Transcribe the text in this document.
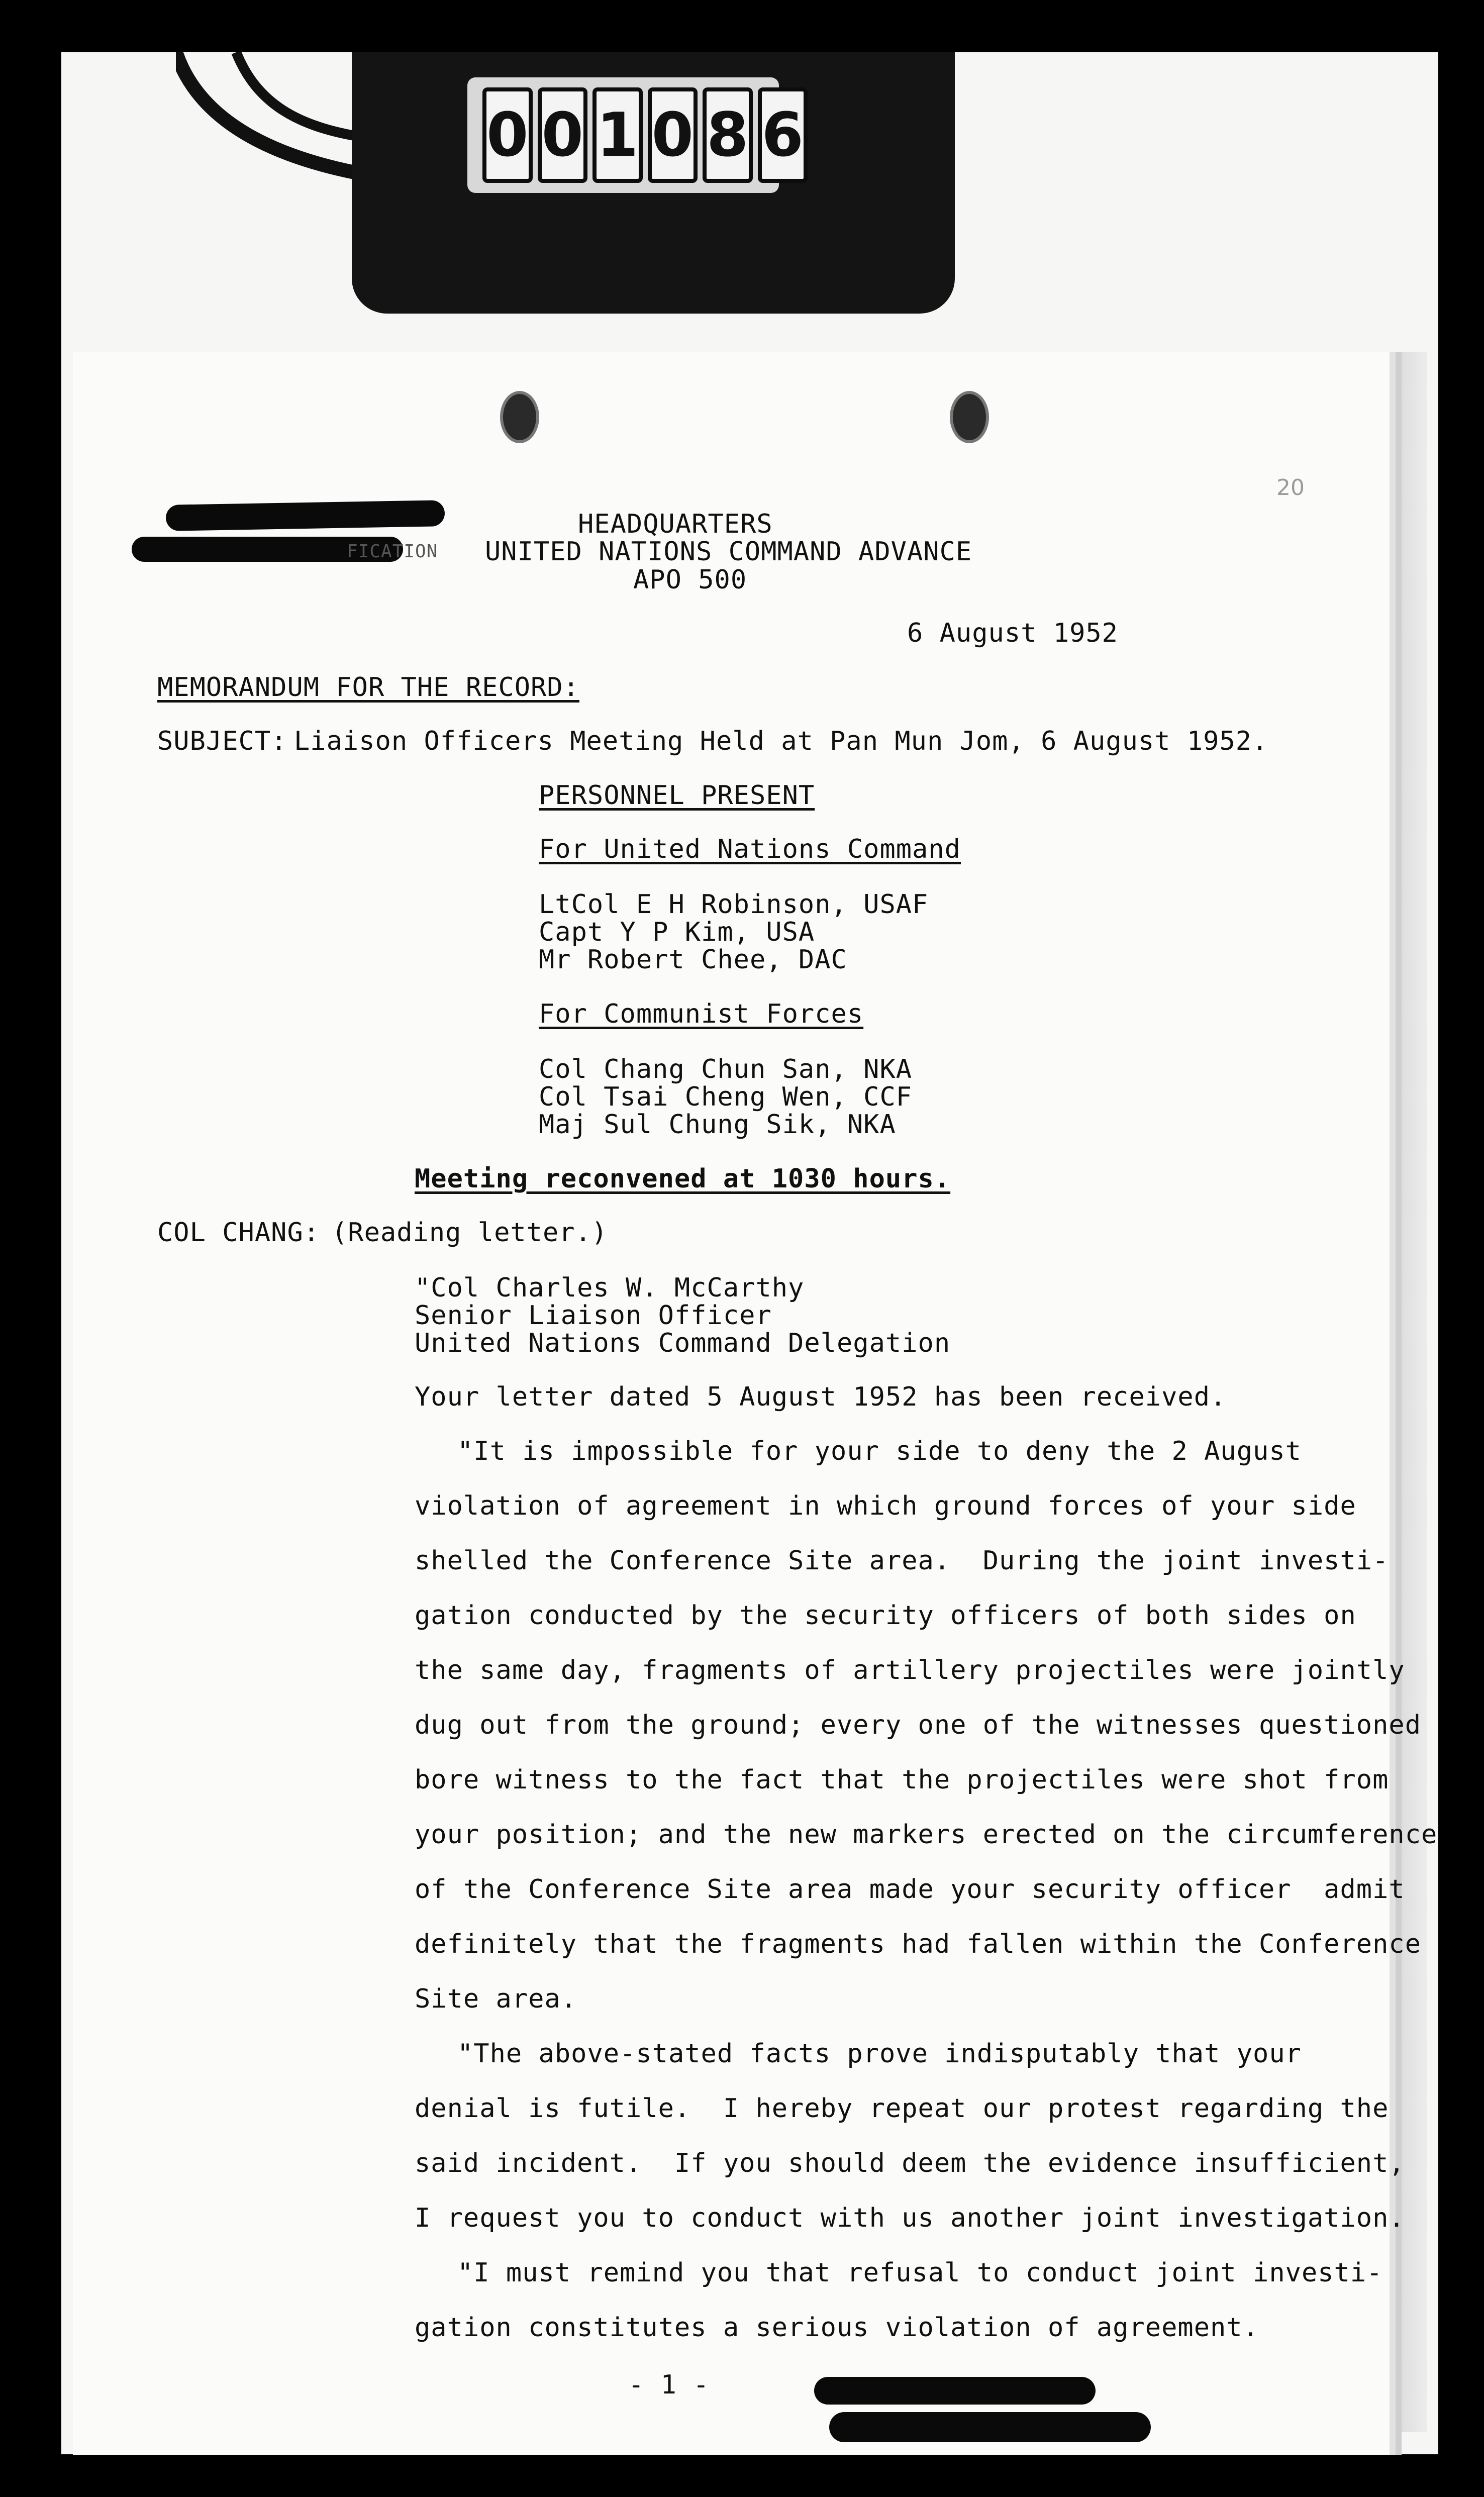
0 0 1 0 8 6
FICATION
20
HEADQUARTERS
UNITED NATIONS COMMAND ADVANCE
APO 500
6 August 1952
MEMORANDUM FOR THE RECORD:
SUBJECT: Liaison Officers Meeting Held at Pan Mun Jom, 6 August 1952.
PERSONNEL PRESENT
For United Nations Command
LtCol E H Robinson, USAF
Capt Y P Kim, USA
Mr Robert Chee, DAC
For Communist Forces
Col Chang Chun San, NKA
Col Tsai Cheng Wen, CCF
Maj Sul Chung Sik, NKA
Meeting reconvened at 1030 hours.
COL CHANG: (Reading letter.)
"Col Charles W. McCarthy
Senior Liaison Officer
United Nations Command Delegation
Your letter dated 5 August 1952 has been received.
"It is impossible for your side to deny the 2 August
violation of agreement in which ground forces of your side
shelled the Conference Site area.  During the joint investi-
gation conducted by the security officers of both sides on
the same day, fragments of artillery projectiles were jointly
dug out from the ground; every one of the witnesses questioned
bore witness to the fact that the projectiles were shot from
your position; and the new markers erected on the circumference
of the Conference Site area made your security officer  admit
definitely that the fragments had fallen within the Conference
Site area.
"The above-stated facts prove indisputably that your
denial is futile.  I hereby repeat our protest regarding the
said incident.  If you should deem the evidence insufficient,
I request you to conduct with us another joint investigation.
"I must remind you that refusal to conduct joint investi-
gation constitutes a serious violation of agreement.
- 1 -
